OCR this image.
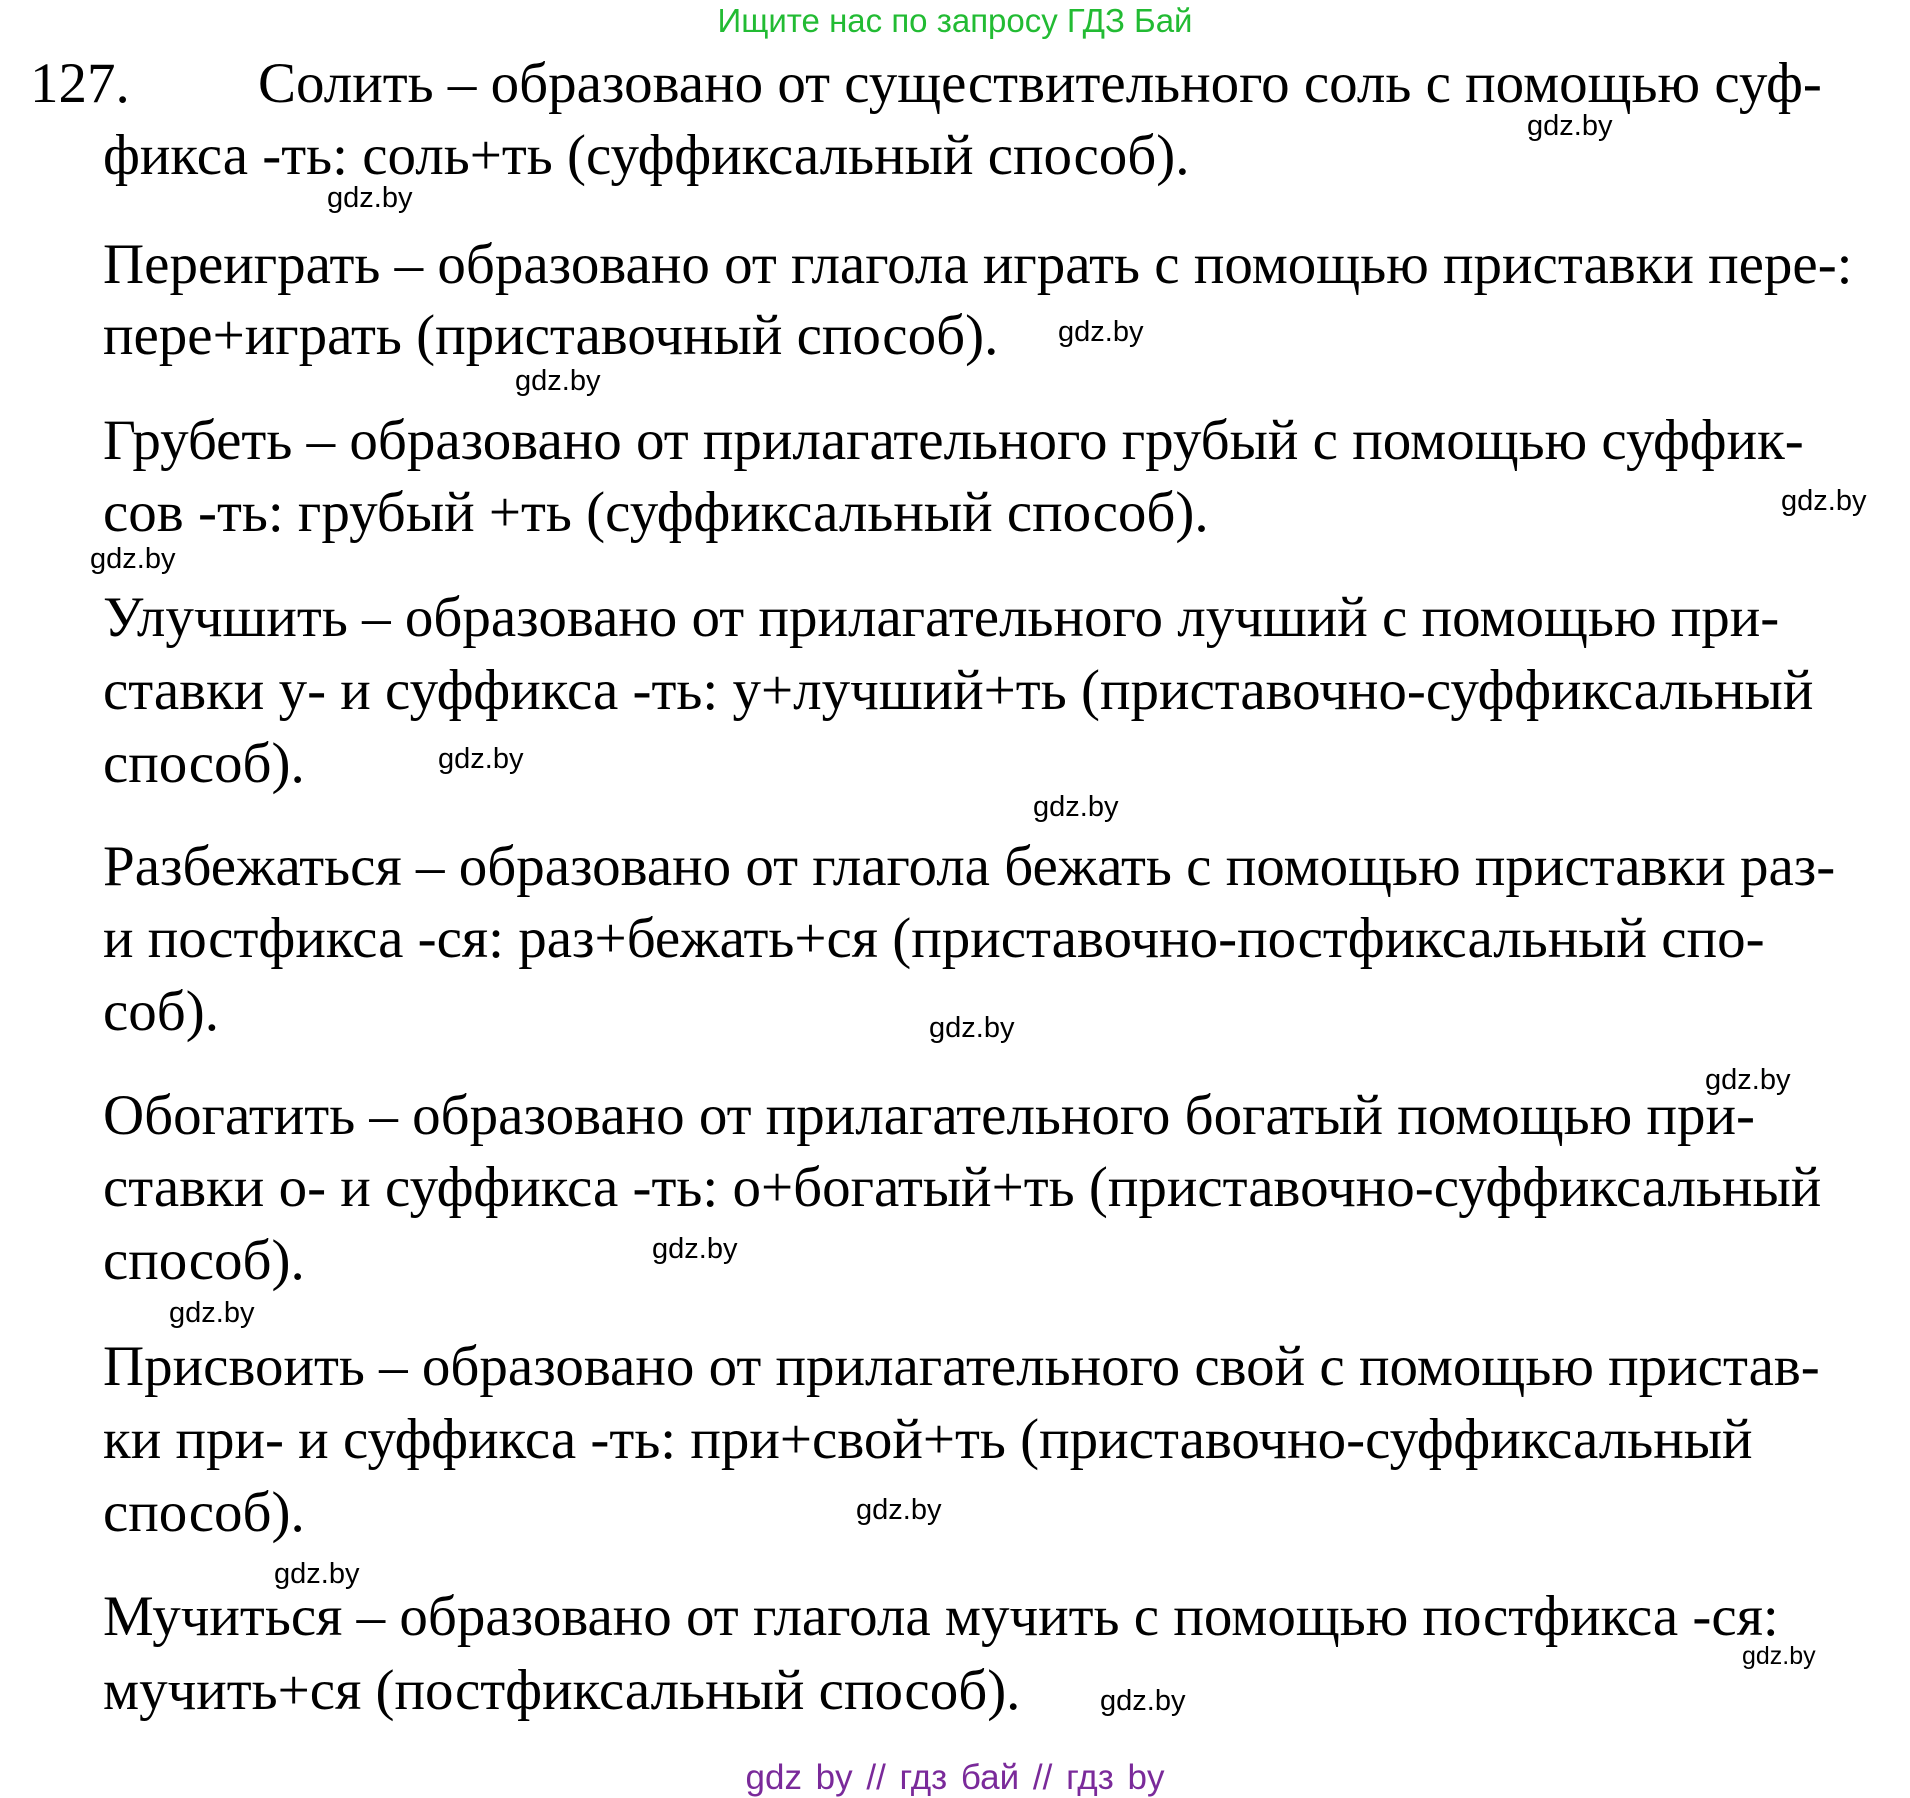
Ищите нас по запросу ГДЗ Бай
127. Солить – образовано от существительного соль с помощью суф-
фикса -ть: соль+ть (суффиксальный способ).
Переиграть – образовано от глагола играть с помощью приставки пере-:
пере+играть (приставочный способ).
Грубеть – образовано от прилагательного грубый с помощью суффик-
сов -ть: грубый +ть (суффиксальный способ).
Улучшить – образовано от прилагательного лучший с помощью при-
ставки у- и суффикса -ть: у+лучший+ть (приставочно-суффиксальный
способ).
Разбежаться – образовано от глагола бежать с помощью приставки раз-
и постфикса -ся: раз+бежать+ся (приставочно-постфиксальный спо-
соб).
Обогатить – образовано от прилагательного богатый помощью при-
ставки о- и суффикса -ть: о+богатый+ть (приставочно-суффиксальный
способ).
Присвоить – образовано от прилагательного свой с помощью пристав-
ки при- и суффикса -ть: при+свой+ть (приставочно-суффиксальный
способ).
Мучиться – образовано от глагола мучить с помощью постфикса -ся:
мучить+ся (постфиксальный способ).
gdz.by
gdz.by
gdz.by
gdz.by
gdz.by
gdz.by
gdz.by
gdz.by
gdz.by
gdz.by
gdz.by
gdz.by
gdz.by
gdz.by
gdz.by
gdz.by
gdz by // гдз бай // гдз by
